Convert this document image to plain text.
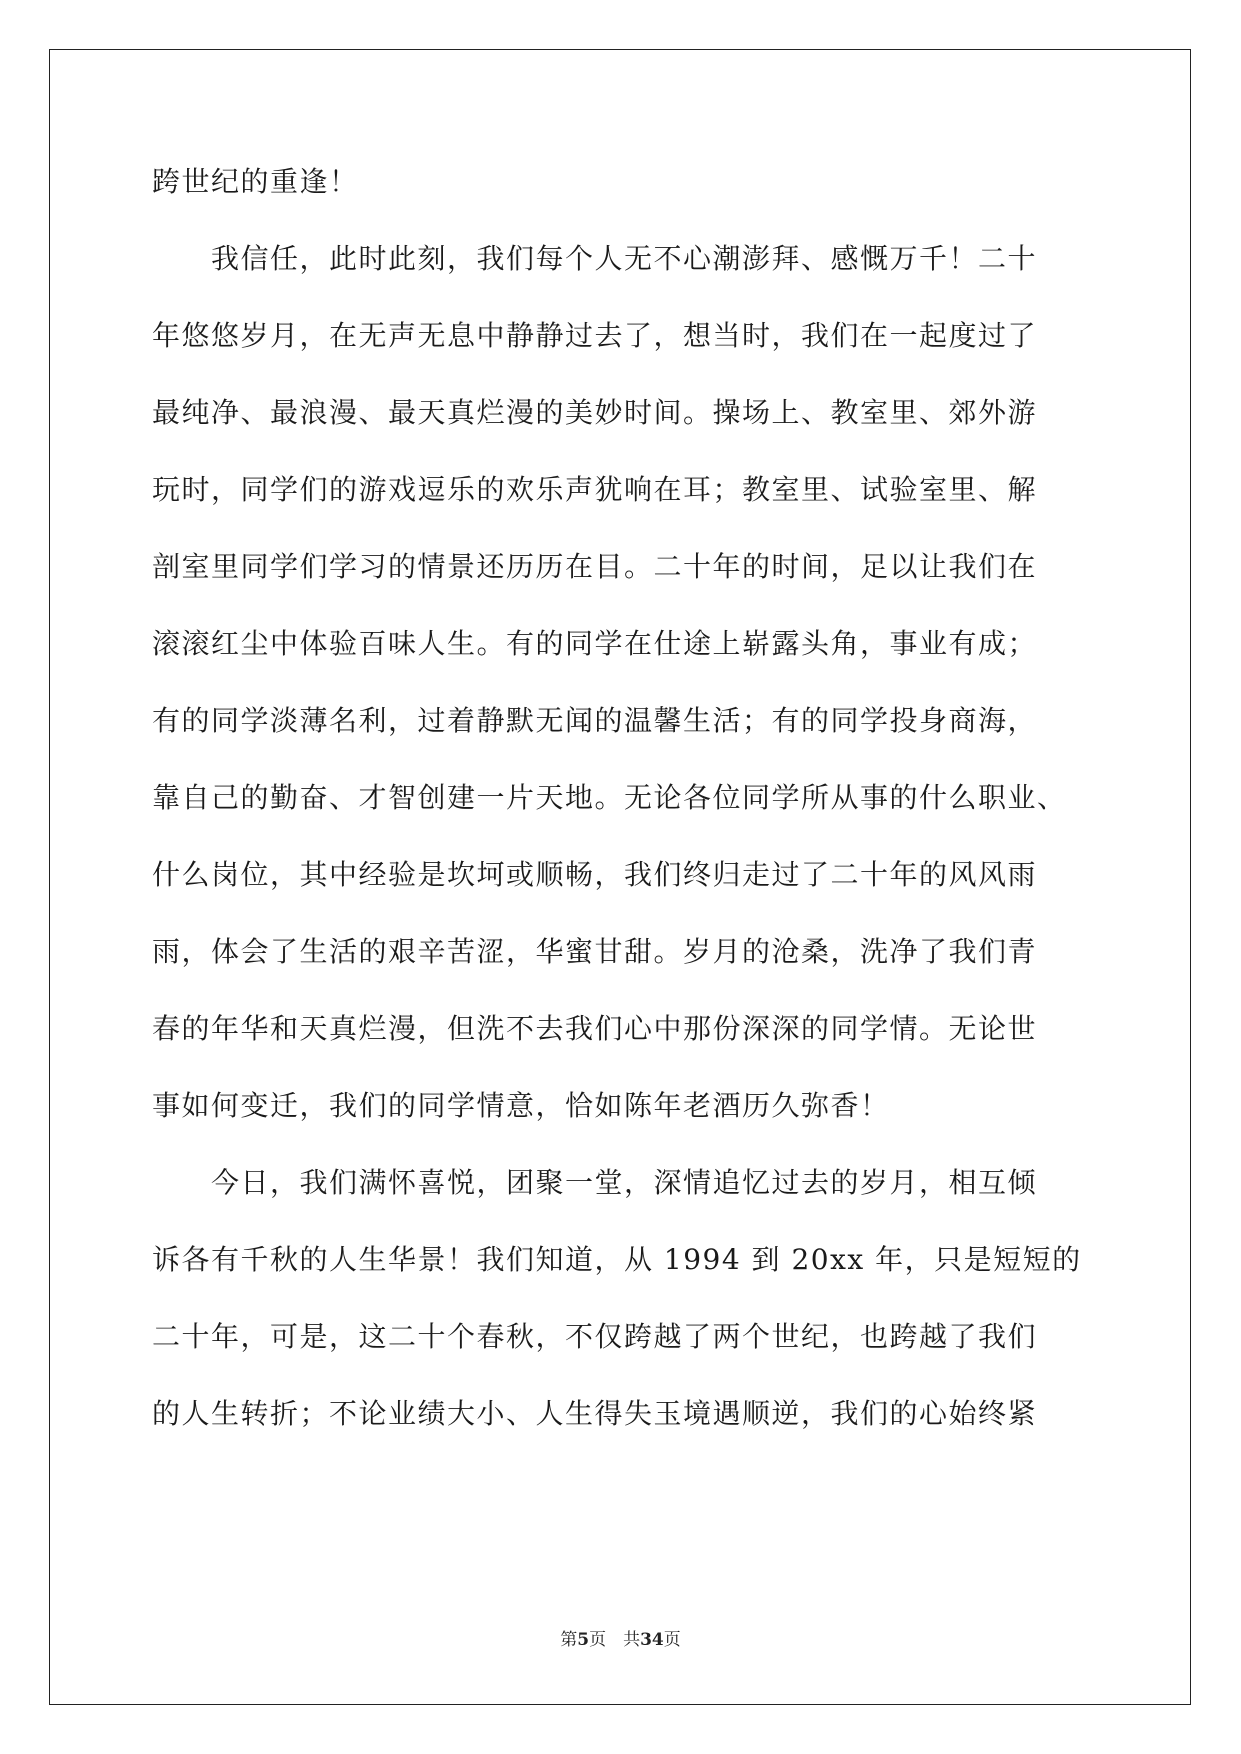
跨世纪的重逢！
　　我信任，此时此刻，我们每个人无不心潮澎拜、感慨万千！二十
年悠悠岁月，在无声无息中静静过去了，想当时，我们在一起度过了
最纯净、最浪漫、最天真烂漫的美妙时间。操场上、教室里、郊外游
玩时，同学们的游戏逗乐的欢乐声犹响在耳；教室里、试验室里、解
剖室里同学们学习的情景还历历在目。二十年的时间，足以让我们在
滚滚红尘中体验百味人生。有的同学在仕途上崭露头角，事业有成；
有的同学淡薄名利，过着静默无闻的温馨生活；有的同学投身商海，
靠自己的勤奋、才智创建一片天地。无论各位同学所从事的什么职业、
什么岗位，其中经验是坎坷或顺畅，我们终归走过了二十年的风风雨
雨，体会了生活的艰辛苦涩，华蜜甘甜。岁月的沧桑，洗净了我们青
春的年华和天真烂漫，但洗不去我们心中那份深深的同学情。无论世
事如何变迁，我们的同学情意，恰如陈年老酒历久弥香！
　　今日，我们满怀喜悦，团聚一堂，深情追忆过去的岁月，相互倾
诉各有千秋的人生华景！我们知道，从 1994 到 20xx 年，只是短短的
二十年，可是，这二十个春秋，不仅跨越了两个世纪，也跨越了我们
的人生转折；不论业绩大小、人生得失玉境遇顺逆，我们的心始终紧
第5页　共34页
